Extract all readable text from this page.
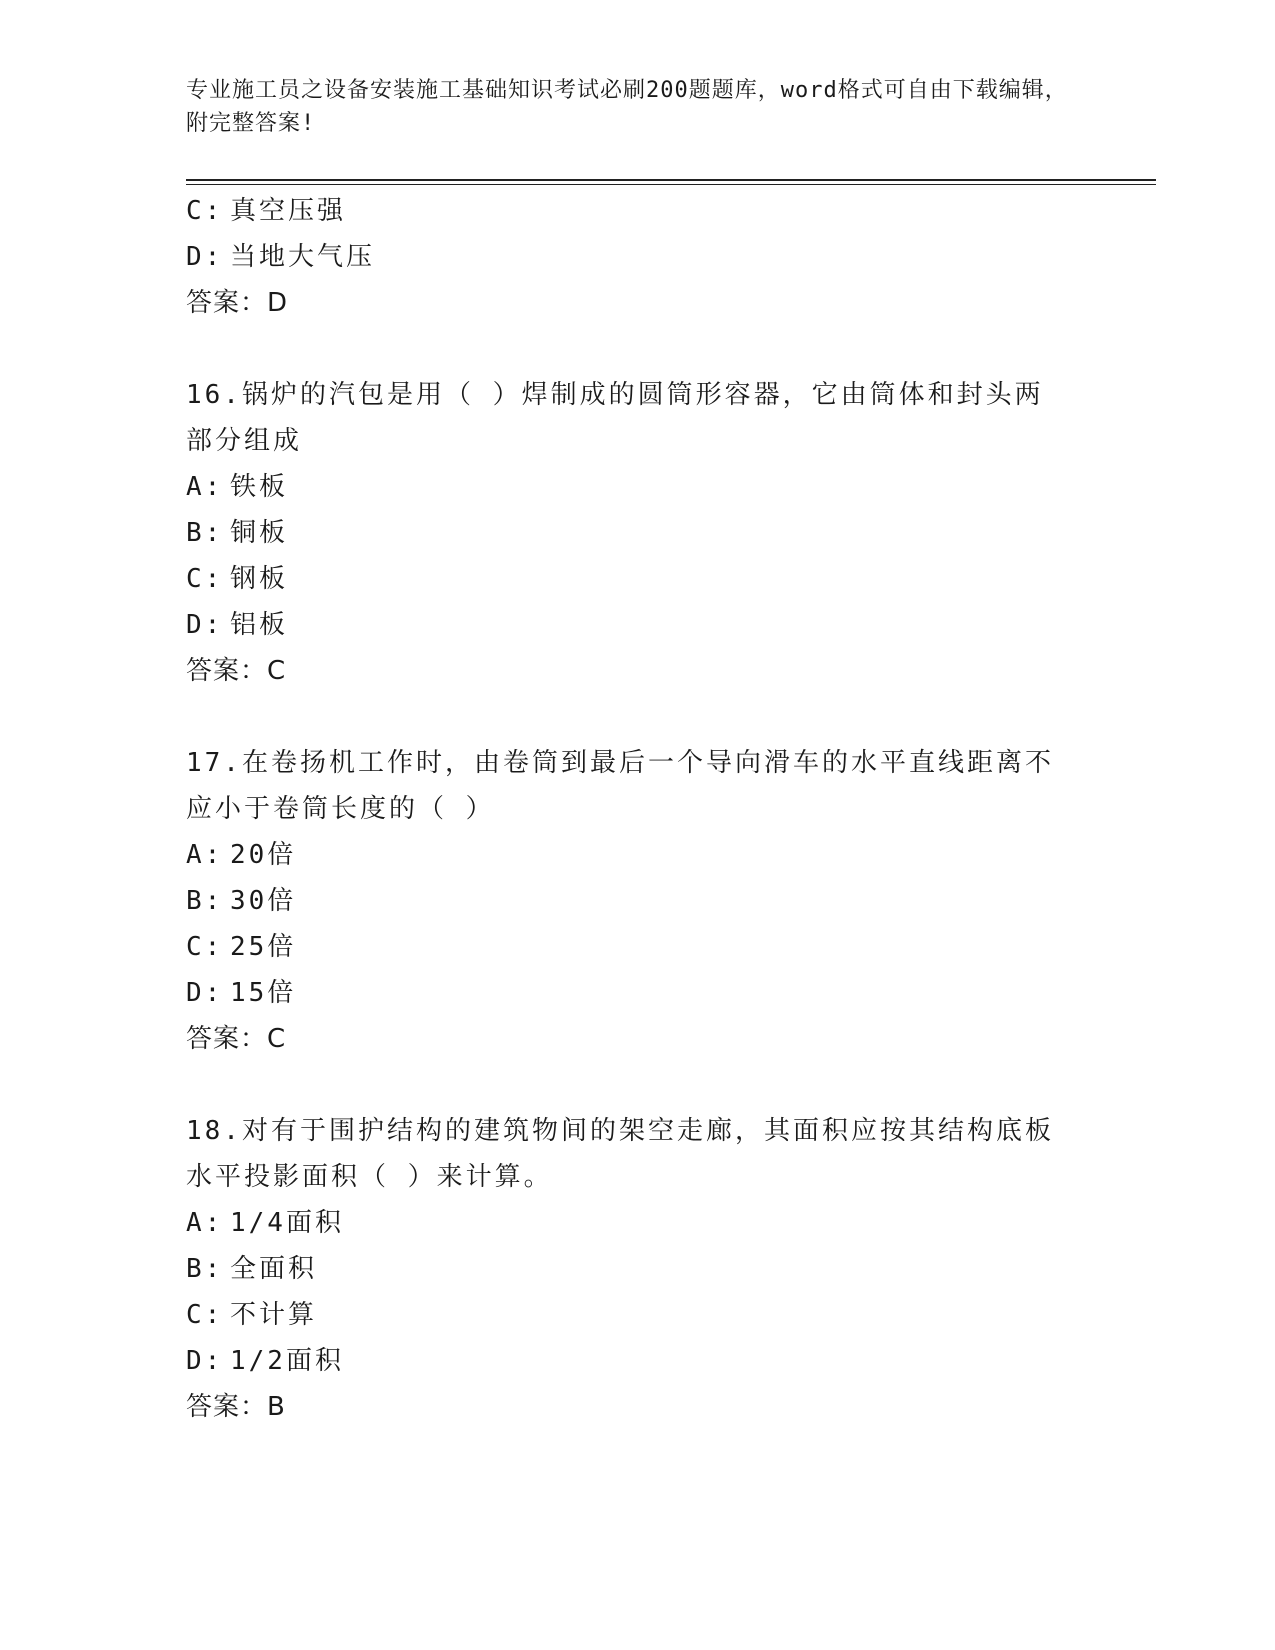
专业施工员之设备安装施工基础知识考试必刷200题题库，word格式可自由下载编辑，附完整答案!
C: 真空压强
D: 当地大气压
答案：D
16.锅炉的汽包是用（ ）焊制成的圆筒形容器，它由筒体和封头两部分组成
A: 铁板
B: 铜板
C: 钢板
D: 铝板
答案：C
17.在卷扬机工作时，由卷筒到最后一个导向滑车的水平直线距离不应小于卷筒长度的（ ）
A: 20倍
B: 30倍
C: 25倍
D: 15倍
答案：C
18.对有于围护结构的建筑物间的架空走廊，其面积应按其结构底板水平投影面积（ ）来计算。
A: 1/4面积
B: 全面积
C: 不计算
D: 1/2面积
答案：B
